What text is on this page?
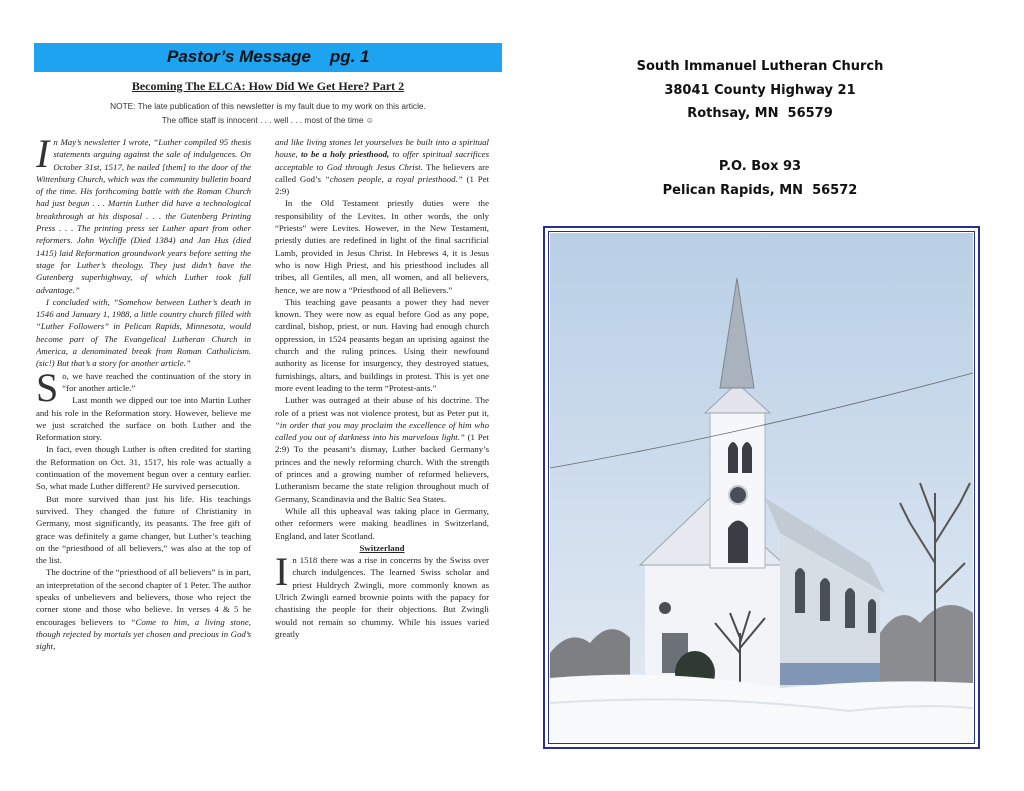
Pastor’s Message    pg. 1
Becoming The ELCA: How Did We Get Here? Part 2
NOTE: The late publication of this newsletter is my fault due to my work on this article.
The office staff is innocent . . . well . . . most of the time ☺

In May’s newsletter I wrote, “Luther compiled 95 thesis statements arguing against the sale of indulgences. On October 31st, 1517, he nailed [them] to the door of the Wittenburg Church, which was the community bulletin board of the time. His forthcoming battle with the Roman Church had just begun . . . Martin Luther did have a technological breakthrough at his disposal . . . the Gutenberg Printing Press . . . The printing press set Luther apart from other reformers. John Wycliffe (Died 1384) and Jan Hus (died 1415) laid Reformation groundwork years before setting the stage for Luther’s theology. They just didn’t have the Gutenberg superhighway, of which Luther took full advantage.”

I concluded with, “Somehow between Luther’s death in 1546 and January 1, 1988, a little country church filled with “Luther Followers” in Pelican Rapids, Minnesota, would become part of The Evangelical Lutheran Church in America, a denominated break from Roman Catholicism.(sic!) But that’s a story for another article.”

So, we have reached the continuation of the story in “for another article.”

Last month we dipped our toe into Martin Luther and his role in the Reformation story. However, believe me we just scratched the surface on both Luther and the Reformation story.

In fact, even though Luther is often credited for starting the Reformation on Oct. 31, 1517, his role was actually a continuation of the movement begun over a century earlier. So, what made Luther different? He survived persecution.

But more survived than just his life. His teachings survived. They changed the future of Christianity in Germany, most significantly, its peasants. The free gift of grace was definitely a game changer, but Luther’s teaching on the “priesthood of all believers,” was also at the top of the list.

The doctrine of the “priesthood of all believers” is in part, an interpretation of the second chapter of 1 Peter. The author speaks of unbelievers and believers, those who reject the corner stone and those who believe. In verses 4 & 5 he encourages believers to “Come to him, a living stone, though rejected by mortals yet chosen and precious in God’s sight,

and like living stones let yourselves be built into a spiritual house, to be a holy priesthood, to offer spiritual sacrifices acceptable to God through Jesus Christ. The believers are called God’s “chosen people, a royal priesthood.” (1 Pet 2:9)

In the Old Testament priestly duties were the responsibility of the Levites. In other words, the only “Priests” were Levites. However, in the New Testament, priestly duties are redefined in light of the final sacrificial Lamb, provided in Jesus Christ. In Hebrews 4, it is Jesus who is now High Priest, and his priesthood includes all tribes, all Gentiles, all men, all women, and all believers, hence, we are now a “Priesthood of all Believers.”

This teaching gave peasants a power they had never known. They were now as equal before God as any pope, cardinal, bishop, priest, or nun. Having had enough church oppression, in 1524 peasants began an uprising against the church and the ruling princes. Using their newfound authority as license for insurgency, they destroyed statues, furnishings, altars, and buildings in protest. This is yet one more event leading to the term “Protest-ants.”

Luther was outraged at their abuse of his doctrine. The role of a priest was not violence protest, but as Peter put it, “in order that you may proclaim the excellence of him who called you out of darkness into his marvelous light.” (1 Pet 2:9) To the peasant’s dismay, Luther backed Germany’s princes and the newly reforming church. With the strength of princes and a growing number of reformed believers, Lutheranism became the state religion throughout much of Germany, Scandinavia and the Baltic Sea States.

While all this upheaval was taking place in Germany, other reformers were making headlines in Switzerland, England, and later Scotland.

Switzerland

In 1518 there was a rise in concerns by the Swiss over church indulgences. The learned Swiss scholar and priest Huldrych Zwingli, more commonly known as Ulrich Zwingli earned brownie points with the papacy for chastising the people for their objections. But Zwingli would not remain so chummy. While his issues varied greatly

South Immanuel Lutheran Church
38041 County Highway 21
Rothsay, MN  56579
P.O. Box 93
Pelican Rapids, MN  56572
